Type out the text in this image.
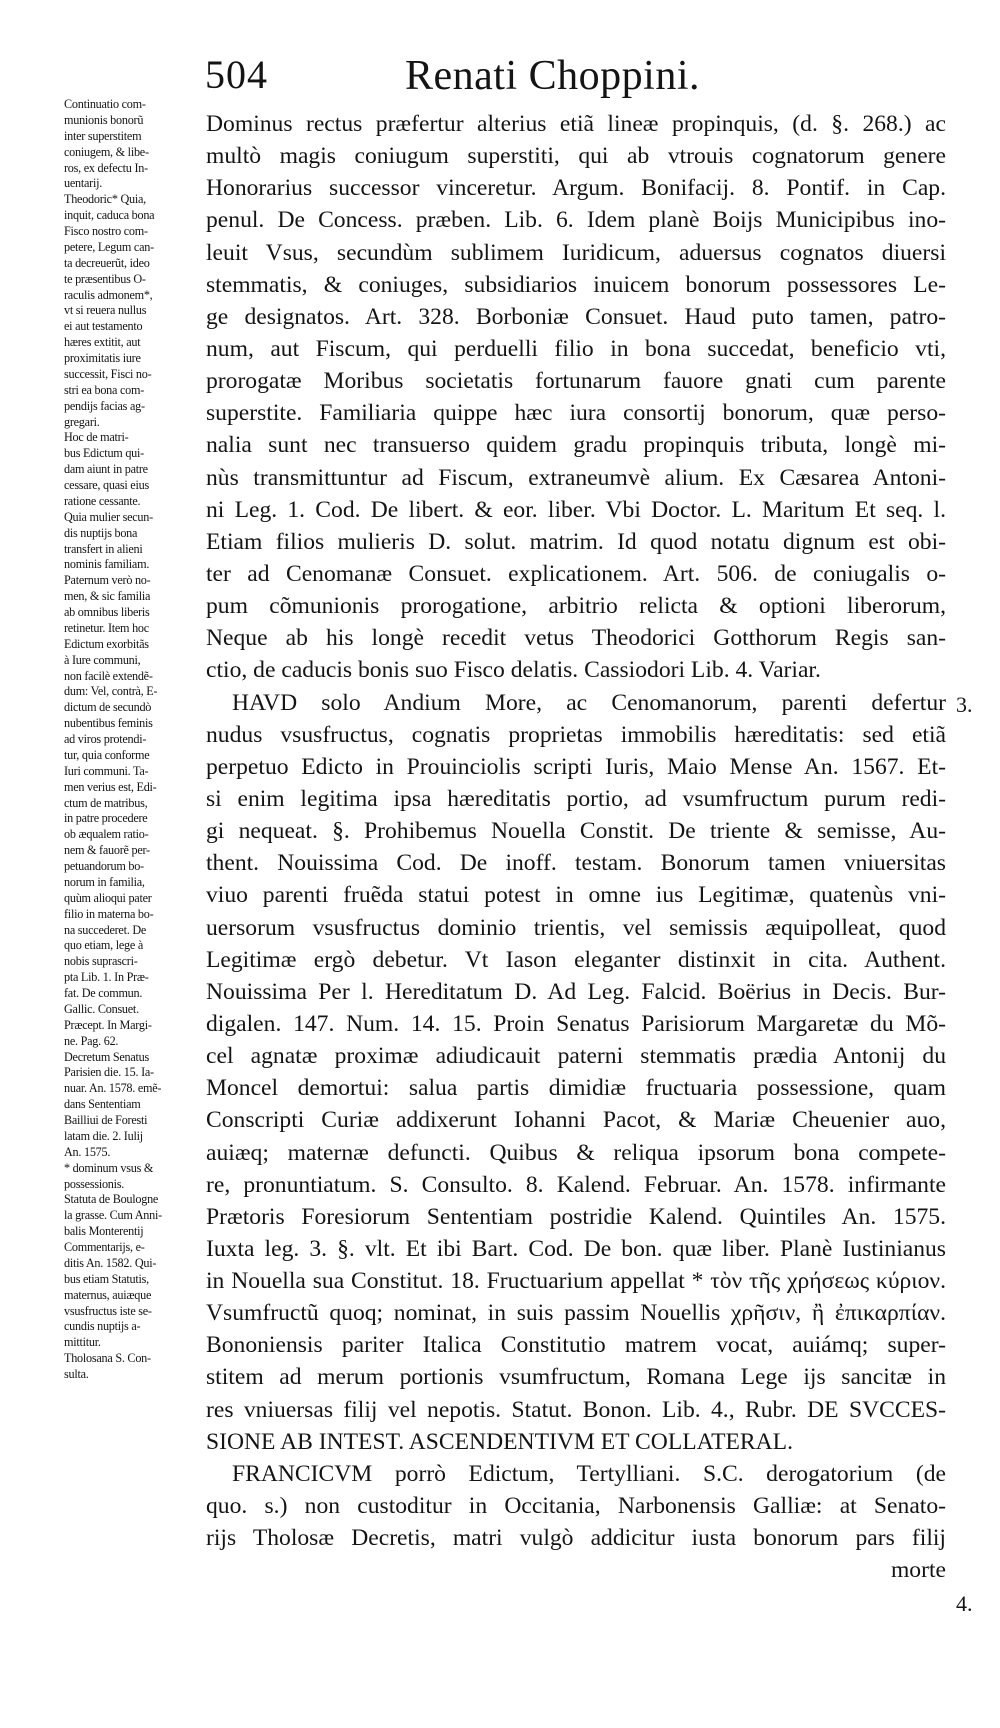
504	Renati Choppini.
Continuatio com-
munionis bonorũ
inter superstitem
coniugem, & libe-
ros, ex defectu In-
uentarij.
Theodoric* Quia,
inquit, caduca bona
Fisco nostro com-
petere, Legum can-
ta decreuerũt, ideo
te præsentibus O-
raculis admonem*,
vt si reuera nullus
ei aut testamento
hæres extitit, aut
proximitatis iure
successit, Fisci no-
stri ea bona com-
pendijs facias ag-
gregari.
Hoc de matri-
bus Edictum qui-
dam aiunt in patre
cessare, quasi eius
ratione cessante.
Quia mulier secun-
dis nuptijs bona
transfert in alieni
nominis familiam.
Paternum verò no-
men, & sic familia
ab omnibus liberis
retinetur. Item hoc
Edictum exorbitãs
à Iure communi,
non facilè extendẽ-
dum: Vel, contrà, E-
dictum de secundò
nubentibus feminis
ad viros protendi-
tur, quia conforme
Iuri communi. Ta-
men verius est, Edi-
ctum de matribus,
in patre procedere
ob æqualem ratio-
nem & fauorẽ per-
petuandorum bo-
norum in familia,
quùm alioqui pater
filio in materna bo-
na succederet. De
quo etiam, lege à
nobis suprascri-
pta Lib. 1. In Præ-
fat. De commun.
Gallic. Consuet.
Præcept. In Margi-
ne. Pag. 62.
Decretum Senatus
Parisien die. 15. Ia-
nuar. An. 1578. emẽ-
dans Sententiam
Bailliui de Foresti
latam die. 2. Iulij
An. 1575.
* dominum vsus &
possessionis.
Statuta de Boulogne
la grasse. Cum Anni-
balis Monterentij
Commentarijs, e-
ditis An. 1582. Qui-
bus etiam Statutis,
maternus, auiæque
vsusfructus iste se-
cundis nuptijs a-
mittitur.
Tholosana S. Con-
sulta.
Dominus rectus præfertur alterius etiã lineæ propinquis, (d. §. 268.) ac
multò magis coniugum superstiti, qui ab vtrouis cognatorum genere
Honorarius successor vinceretur. Argum. Bonifacij. 8. Pontif. in Cap.
penul. De Concess. præben. Lib. 6. Idem planè Boijs Municipibus ino-
leuit Vsus, secundùm sublimem Iuridicum, aduersus cognatos diuersi
stemmatis, & coniuges, subsidiarios inuicem bonorum possessores Le-
ge designatos. Art. 328. Borboniæ Consuet. Haud puto tamen, patro-
num, aut Fiscum, qui perduelli filio in bona succedat, beneficio vti,
prorogatæ Moribus societatis fortunarum fauore gnati cum parente
superstite. Familiaria quippe hæc iura consortij bonorum, quæ perso-
nalia sunt nec transuerso quidem gradu propinquis tributa, longè mi-
nùs transmittuntur ad Fiscum, extraneumvè alium. Ex Cæsarea Antoni-
ni Leg. 1. Cod. De libert. & eor. liber. Vbi Doctor. L. Maritum Et seq. l.
Etiam filios mulieris D. solut. matrim. Id quod notatu dignum est obi-
ter ad Cenomanæ Consuet. explicationem. Art. 506. de coniugalis o-
pum cõmunionis prorogatione, arbitrio relicta & optioni liberorum,
Neque ab his longè recedit vetus Theodorici Gotthorum Regis san-
ctio, de caducis bonis suo Fisco delatis. Cassiodori Lib. 4. Variar.
HAVD solo Andium More, ac Cenomanorum, parenti defertur
nudus vsusfructus, cognatis proprietas immobilis hæreditatis: sed etiã
perpetuo Edicto in Prouinciolis scripti Iuris, Maio Mense An. 1567. Et-
si enim legitima ipsa hæreditatis portio, ad vsumfructum purum redi-
gi nequeat. §. Prohibemus Nouella Constit. De triente & semisse, Au-
thent. Nouissima Cod. De inoff. testam. Bonorum tamen vniuersitas
viuo parenti fruẽda statui potest in omne ius Legitimæ, quatenùs vni-
uersorum vsusfructus dominio trientis, vel semissis æquipolleat, quod
Legitimæ ergò debetur. Vt Iason eleganter distinxit in cita. Authent.
Nouissima Per l. Hereditatum D. Ad Leg. Falcid. Boërius in Decis. Bur-
digalen. 147. Num. 14. 15. Proin Senatus Parisiorum Margaretæ du Mõ-
cel agnatæ proximæ adiudicauit paterni stemmatis prædia Antonij du
Moncel demortui: salua partis dimidiæ fructuaria possessione, quam
Conscripti Curiæ addixerunt Iohanni Pacot, & Mariæ Cheuenier auo,
auiæq; maternæ defuncti. Quibus & reliqua ipsorum bona compete-
re, pronuntiatum. S. Consulto. 8. Kalend. Februar. An. 1578. infirmante
Prætoris Foresiorum Sententiam postridie Kalend. Quintiles An. 1575.
Iuxta leg. 3. §. vlt. Et ibi Bart. Cod. De bon. quæ liber. Planè Iustinianus
in Nouella sua Constitut. 18. Fructuarium appellat * τὸν τῆς χρήσεως κύριον.
Vsumfructũ quoq; nominat, in suis passim Nouellis χρῆσιν, ἢ ἐπικαρπίαν.
Bononiensis pariter Italica Constitutio matrem vocat, auiámq; super-
stitem ad merum portionis vsumfructum, Romana Lege ijs sancitæ in
res vniuersas filij vel nepotis. Statut. Bonon. Lib. 4., Rubr. DE SVCCES-
SIONE AB INTEST. ASCENDENTIVM ET COLLATERAL.
FRANCICVM porrò Edictum, Tertylliani. S.C. derogatorium (de
quo. s.) non custoditur in Occitania, Narbonensis Galliæ: at Senato-
rijs Tholosæ Decretis, matri vulgò addicitur iusta bonorum pars filij
morte
3.
4.
